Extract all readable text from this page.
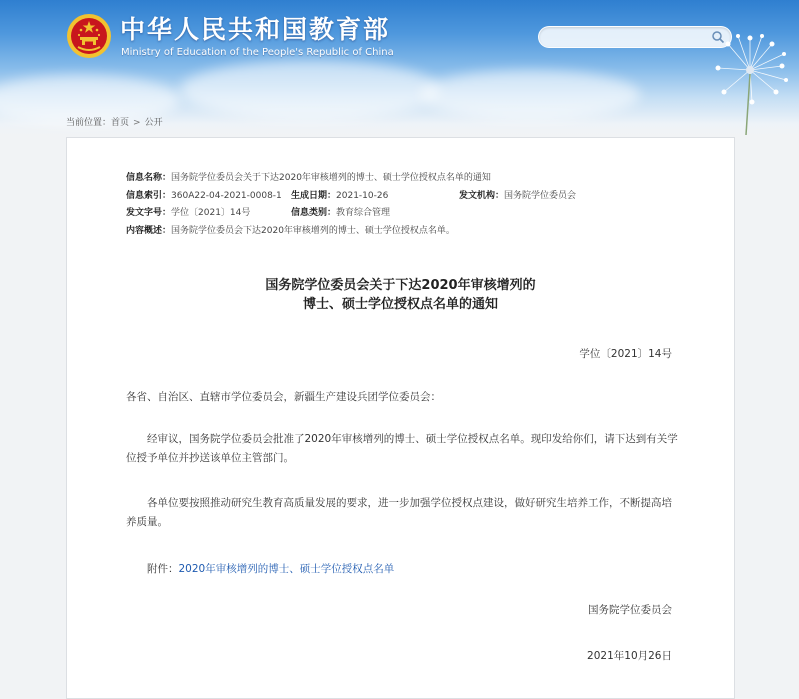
中华人民共和国教育部
Ministry of Education of the People's Republic of China
当前位置：首页 > 公开
信息名称：国务院学位委员会关于下达2020年审核增列的博士、硕士学位授权点名单的通知
信息索引：360A22-04-2021-0008-1 生成日期：2021-10-26	发文机构：国务院学位委员会
发文字号：学位〔2021〕14号	信息类别：教育综合管理
内容概述：国务院学位委员会下达2020年审核增列的博士、硕士学位授权点名单。
国务院学位委员会关于下达2020年审核增列的
博士、硕士学位授权点名单的通知
学位〔2021〕14号
各省、自治区、直辖市学位委员会，新疆生产建设兵团学位委员会：
经审议，国务院学位委员会批准了2020年审核增列的博士、硕士学位授权点名单。现印发给你们，请下达到有关学位授予单位并抄送该单位主管部门。
各单位要按照推动研究生教育高质量发展的要求，进一步加强学位授权点建设，做好研究生培养工作，不断提高培养质量。
附件：2020年审核增列的博士、硕士学位授权点名单
国务院学位委员会
2021年10月26日
